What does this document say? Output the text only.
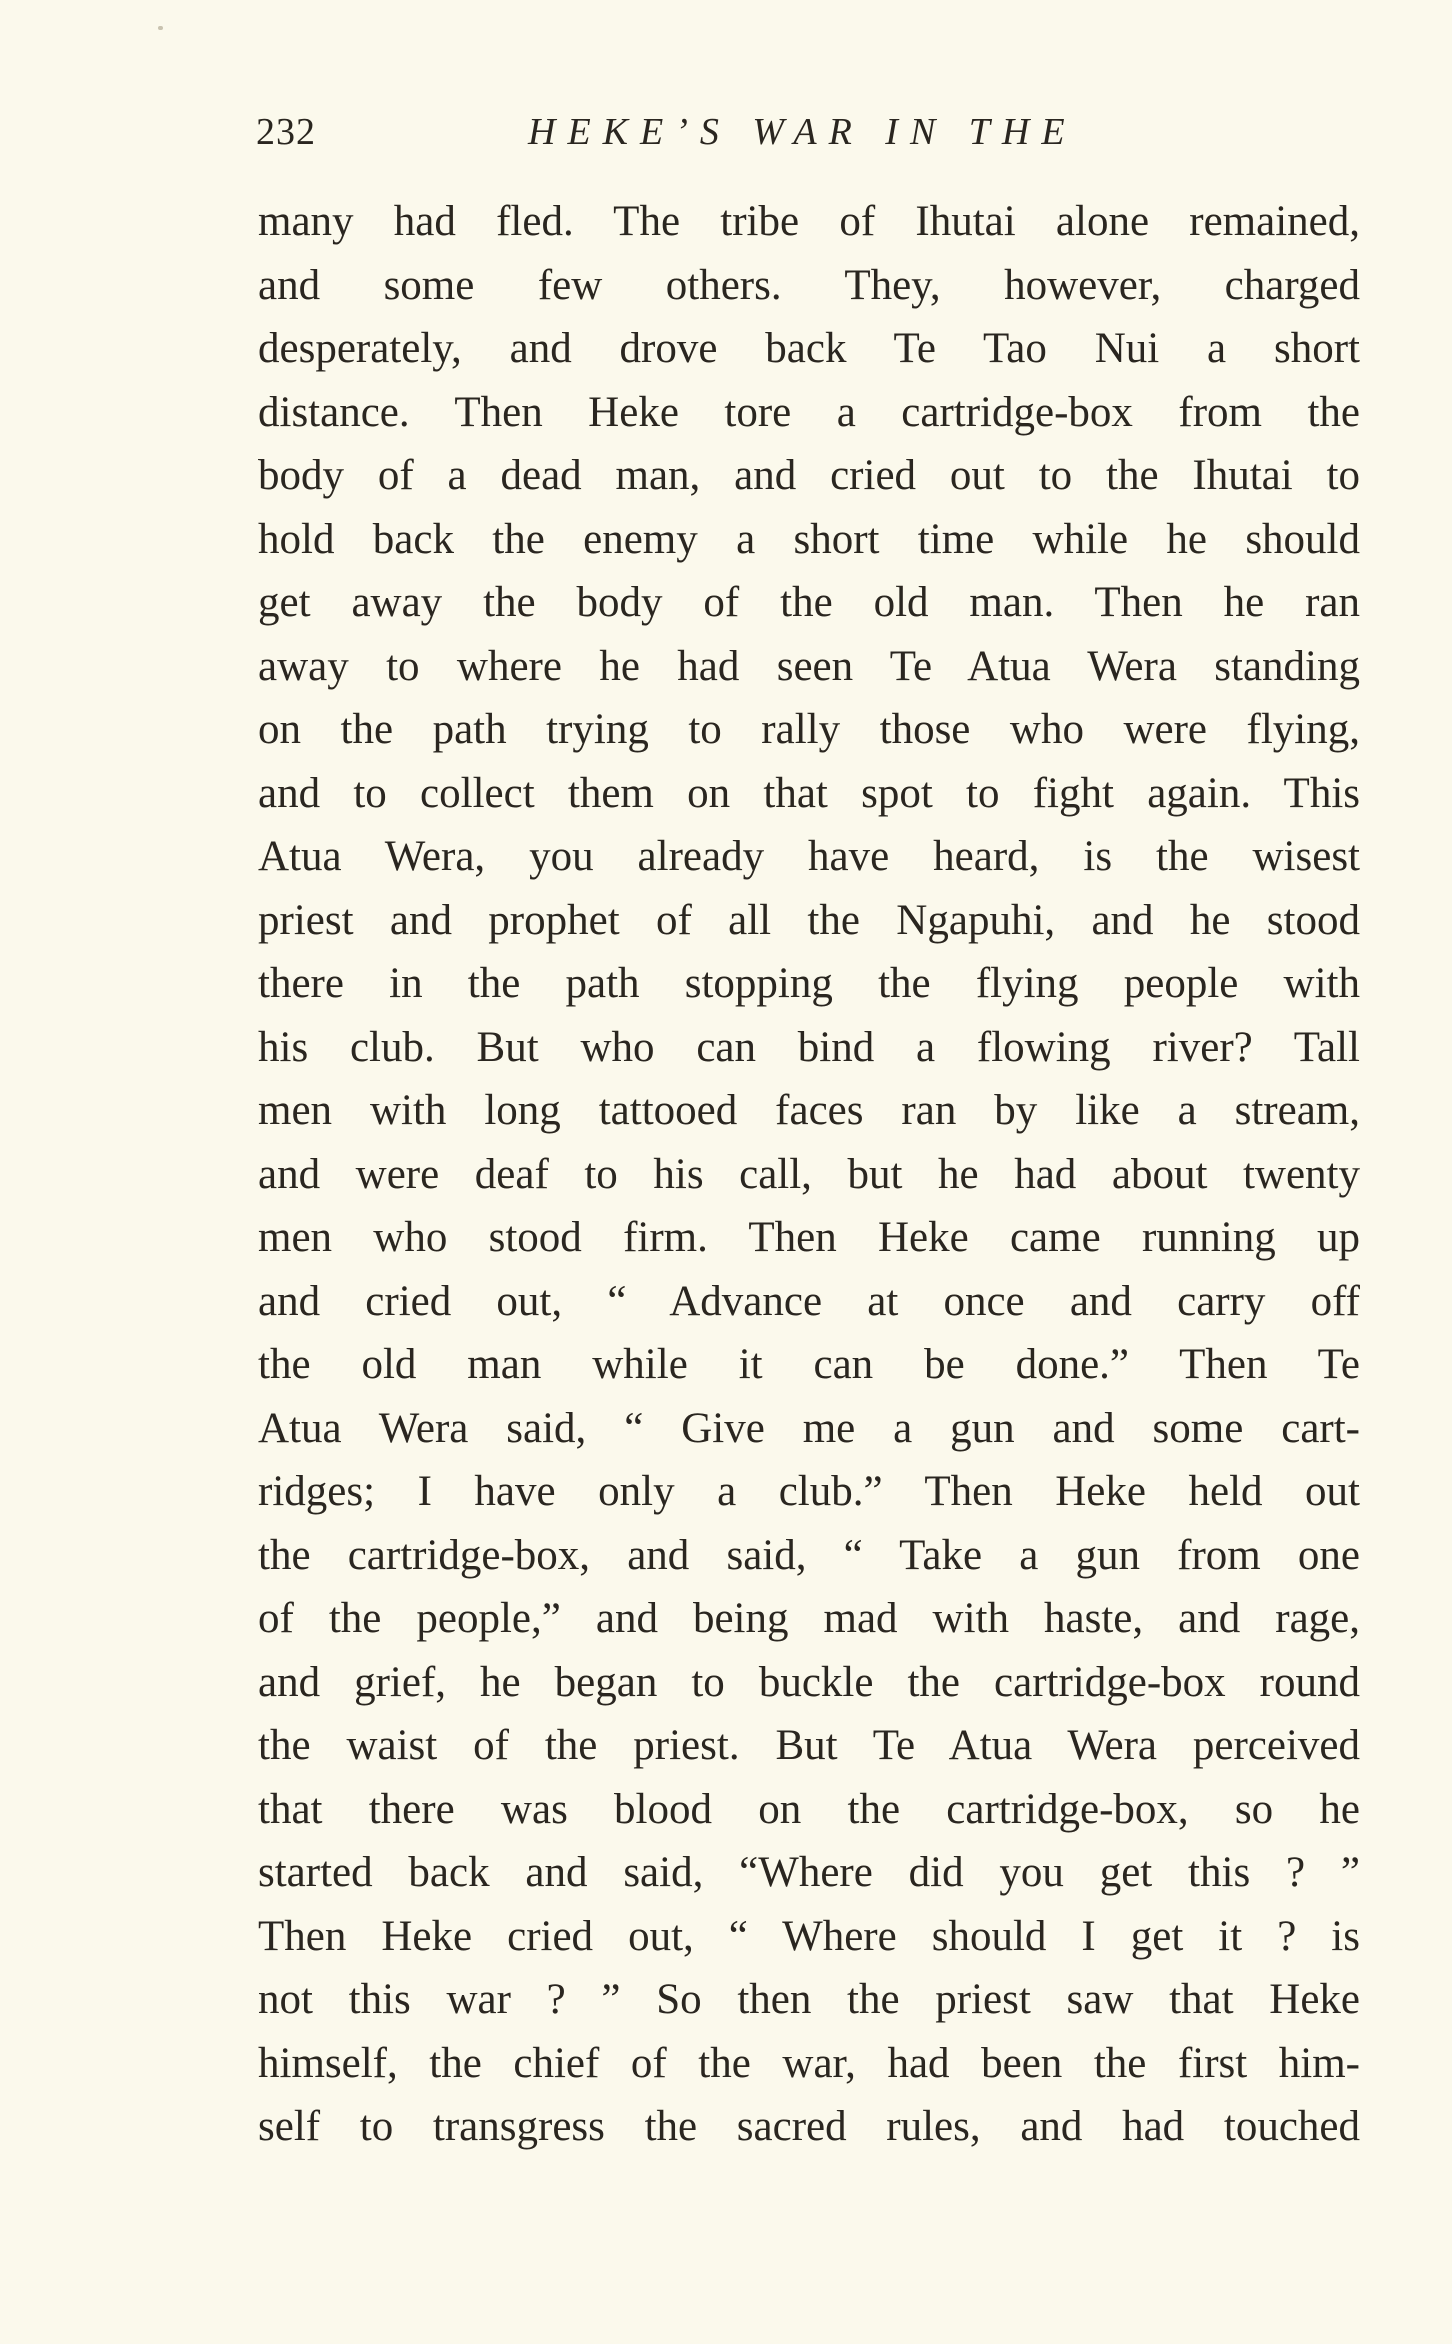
232	HEKE’S WAR IN THE
many had fled. The tribe of Ihutai alone remained,
and some few others. They, however, charged
desperately, and drove back Te Tao Nui a short
distance. Then Heke tore a cartridge-box from the
body of a dead man, and cried out to the Ihutai to
hold back the enemy a short time while he should
get away the body of the old man. Then he ran
away to where he had seen Te Atua Wera standing
on the path trying to rally those who were flying,
and to collect them on that spot to fight again. This
Atua Wera, you already have heard, is the wisest
priest and prophet of all the Ngapuhi, and he stood
there in the path stopping the flying people with
his club. But who can bind a flowing river? Tall
men with long tattooed faces ran by like a stream,
and were deaf to his call, but he had about twenty
men who stood firm. Then Heke came running up
and cried out, “ Advance at once and carry off
the old man while it can be done.” Then Te
Atua Wera said, “ Give me a gun and some cart-
ridges; I have only a club.” Then Heke held out
the cartridge-box, and said, “ Take a gun from one
of the people,” and being mad with haste, and rage,
and grief, he began to buckle the cartridge-box round
the waist of the priest. But Te Atua Wera perceived
that there was blood on the cartridge-box, so he
started back and said, “Where did you get this ? ”
Then Heke cried out, “ Where should I get it ? is
not this war ? ” So then the priest saw that Heke
himself, the chief of the war, had been the first him-
self to transgress the sacred rules, and had touched
